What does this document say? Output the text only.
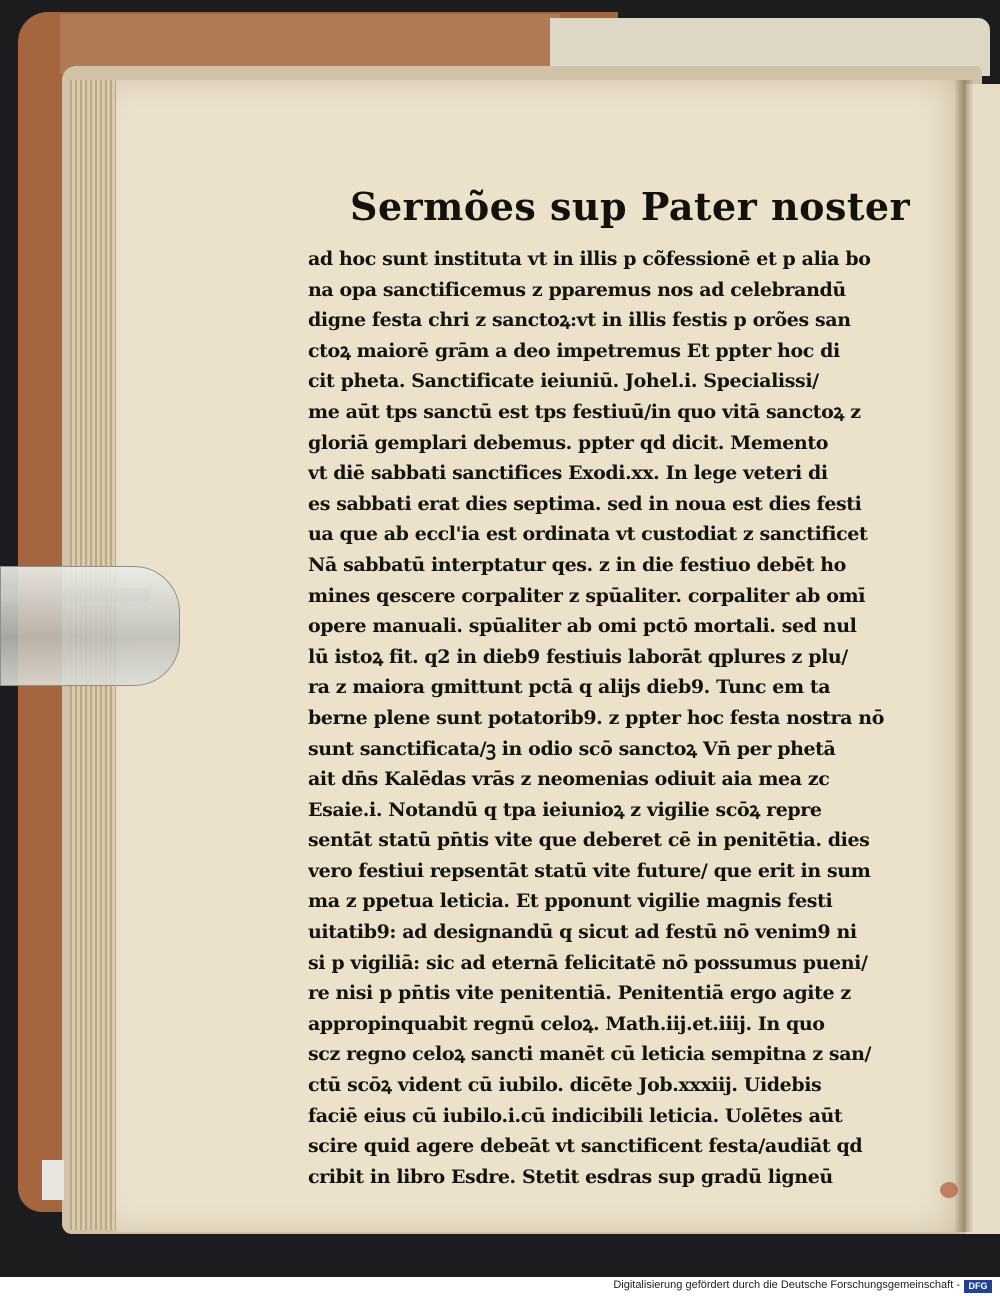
Sermões sup Pater noster
ad hoc sunt instituta vt in illis p cõfessionē et p alia bo
na opa sanctificemus z pparemus nos ad celebrandū
digne festa chri z sanctoꝝ:vt in illis festis p orões san
ctoꝝ maiorē grām a deo impetremus Et ppter hoc di
cit pheta. Sanctificate ieiuniū. Johel.i. Specialissi/
me aūt tps sanctū est tps festiuū/in quo vitā sanctoꝝ z
gloriā gemplari debemus. ppter qd dicit. Memento
vt diē sabbati sanctifices Exodi.xx. In lege veteri di
es sabbati erat dies septima. sed in noua est dies festi
ua que ab eccl'ia est ordinata vt custodiat z sanctificet
Nā sabbatū interptatur qes. z in die festiuo debēt ho
mines qescere corpaliter z spūaliter. corpaliter ab omī
opere manuali. spūaliter ab omi pctō mortali. sed nul
lū istoꝝ fit. q2 in dieb9 festiuis laborāt qplures z plu/
ra z maiora gmittunt pctā q alijs dieb9. Tunc em ta
berne plene sunt potatorib9. z ppter hoc festa nostra nō
sunt sanctificata/ꝫ in odio scō sanctoꝝ Vn̄ per phetā
ait dn̄s Kalēdas vrās z neomenias odiuit aia mea zc
Esaie.i. Notandū q tpa ieiunioꝝ z vigilie scōꝝ repre
sentāt statū pn̄tis vite que deberet cē in penitētia. dies
vero festiui repsentāt statū vite future/ que erit in sum
ma z ppetua leticia. Et pponunt vigilie magnis festi
uitatib9: ad designandū q sicut ad festū nō venim9 ni
si p vigiliā: sic ad eternā felicitatē nō possumus pueni/
re nisi p pn̄tis vite penitentiā. Penitentiā ergo agite z
appropinquabit regnū celoꝝ. Math.iij.et.iiij. In quo
scz regno celoꝝ sancti manēt cū leticia sempitna z san/
ctū scōꝝ vident cū iubilo. dicēte Job.xxxiij. Uidebis
faciē eius cū iubilo.i.cū indicibili leticia. Uolētes aūt
scire quid agere debeāt vt sanctificent festa/audiāt qd
cribit in libro Esdre. Stetit esdras sup gradū ligneū
Digitalisierung gefördert durch die Deutsche Forschungsgemeinschaft - DFG
